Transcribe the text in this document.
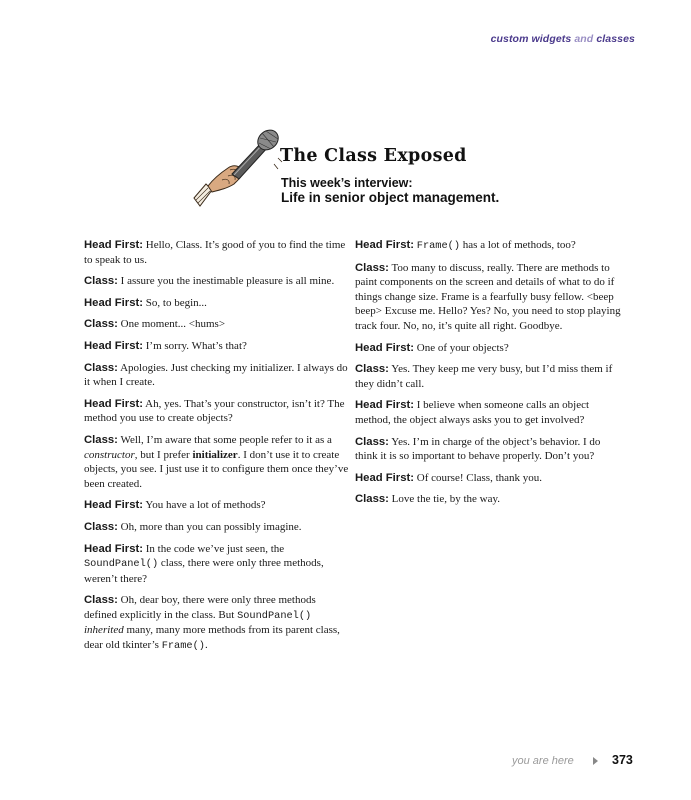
custom widgets and classes
The Class Exposed
This week’s interview:
Life in senior object management.

Head First: Hello, Class. It’s good of you to find the time to speak to us.

Class: I assure you the inestimable pleasure is all mine.

Head First: So, to begin...

Class: One moment... <hums>

Head First: I’m sorry. What’s that?

Class: Apologies. Just checking my initializer. I always do it when I create.

Head First: Ah, yes. That’s your constructor, isn’t it? The method you use to create objects?

Class: Well, I’m aware that some people refer to it as a constructor, but I prefer initializer. I don’t use it to create objects, you see. I just use it to configure them once they’ve been created.

Head First: You have a lot of methods?

Class: Oh, more than you can possibly imagine.

Head First: In the code we’ve just seen, the SoundPanel() class, there were only three methods, weren’t there?

Class: Oh, dear boy, there were only three methods defined explicitly in the class. But SoundPanel() inherited many, many more methods from its parent class, dear old tkinter’s Frame().

Head First: Frame() has a lot of methods, too?

Class: Too many to discuss, really. There are methods to paint components on the screen and details of what to do if things change size. Frame is a fearfully busy fellow. <beep beep> Excuse me. Hello? Yes? No, you need to stop playing track four. No, no, it’s quite all right. Goodbye.

Head First: One of your objects?

Class: Yes. They keep me very busy, but I’d miss them if they didn’t call.

Head First: I believe when someone calls an object method, the object always asks you to get involved?

Class: Yes. I’m in charge of the object’s behavior. I do think it is so important to behave properly. Don’t you?

Head First: Of course! Class, thank you.

Class: Love the tie, by the way.

you are here	373
